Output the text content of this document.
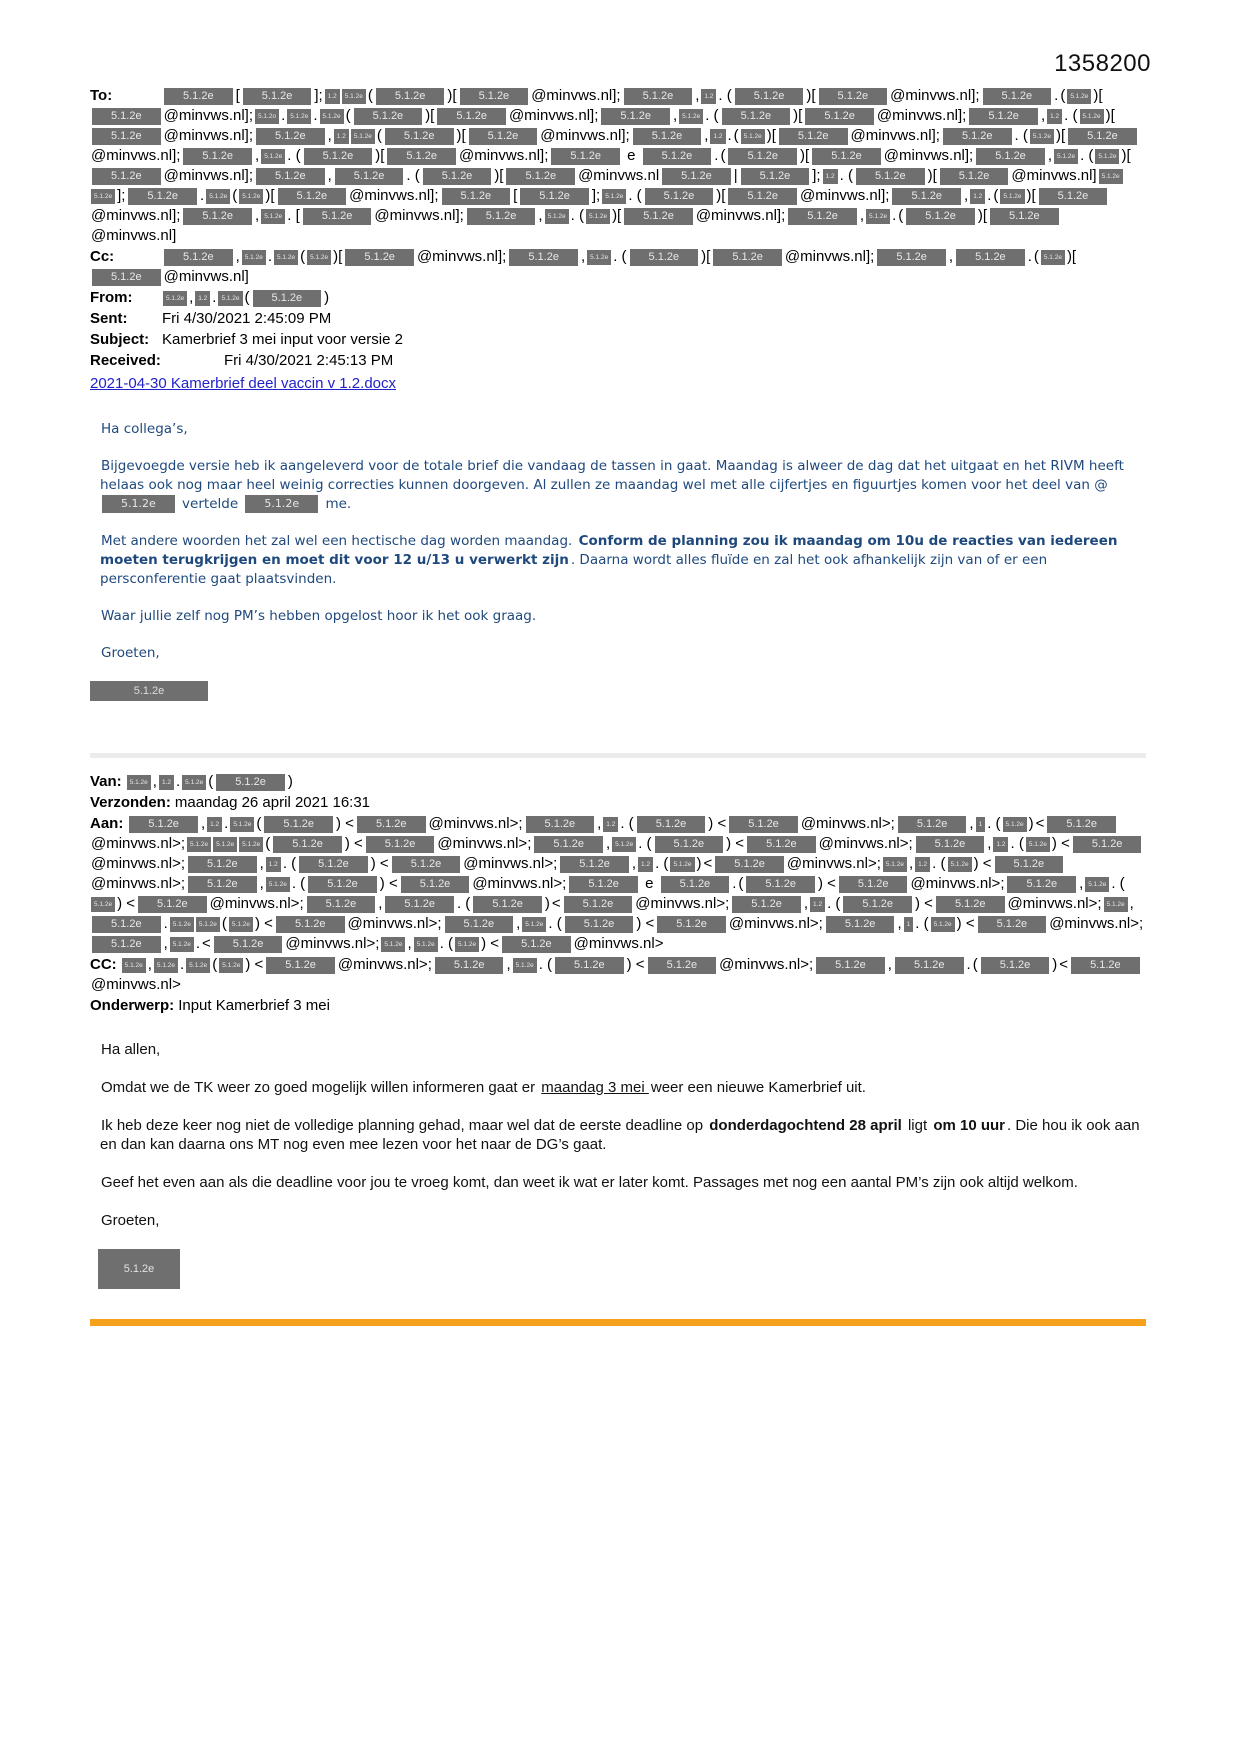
1358200
To:	5.1.2e [ 5.1.2e ]; 1.2 5.1.2e ( 5.1.2e )[ 5.1.2e @minvws.nl]; 5.1.2e , 1.2 . ( 5.1.2e )[ 5.1.2e @minvws.nl]; 5.1.2e . ( 5.1.2e )[5.1.2e @minvws.nl]; 5.1.2o . 5.1.2e . 5.1.2e ( 5.1.2e )[ 5.1.2e @minvws.nl]; 5.1.2e , 5.1.2e . ( 5.1.2e )[ 5.1.2e @minvws.nl]; 5.1.2e , 1.2 . ( 5.1.2e )[5.1.2e @minvws.nl]; 5.1.2e , 1.2 5.1.2e ( 5.1.2e )[ 5.1.2e @minvws.nl]; 5.1.2e , 1.2 . ( 5.1.2e )[ 5.1.2e @minvws.nl]; 5.1.2e . ( 5.1.2e )[ 5.1.2e@minvws.nl]; 5.1.2e , 5.1.2e . ( 5.1.2e )[ 5.1.2e @minvws.nl]; 5.1.2e e 5.1.2e . ( 5.1.2e )[ 5.1.2e @minvws.nl]; 5.1.2e , 5.1.2e . ( 5.1.2e )[5.1.2e @minvws.nl]; 5.1.2e , 5.1.2e . ( 5.1.2e )[ 5.1.2e @minvws.nl 5.1.2e | 5.1.2e ]; 1.2 . ( 5.1.2e )[ 5.1.2e @minvws.nl] 5.1.2e5.1.2e ]; 5.1.2e . 5.1.2e ( 5.1.2e )[ 5.1.2e @minvws.nl]; 5.1.2e [ 5.1.2e ]; 5.1.2e . ( 5.1.2e )[ 5.1.2e @minvws.nl]; 5.1.2e , 1.2 . ( 5.1.2e )[ 5.1.2e@minvws.nl]; 5.1.2e , 5.1.2e . [ 5.1.2e @minvws.nl]; 5.1.2e , 5.1.2e . ( 5.1.2e )[ 5.1.2e @minvws.nl]; 5.1.2e , 5.1.2e . ( 5.1.2e )[ 5.1.2e@minvws.nl]
Cc:	5.1.2e , 5.1.2e . 5.1.2e ( 5.1.2e )[ 5.1.2e @minvws.nl]; 5.1.2e , 5.1.2e . ( 5.1.2e )[ 5.1.2e @minvws.nl]; 5.1.2e , 5.1.2e . ( 5.1.2e )[5.1.2e @minvws.nl]
From:	5.1.2e , 1.2 . 5.1.2e ( 5.1.2e )
Sent: Fri 4/30/2021 2:45:09 PM
Subject: Kamerbrief 3 mei input voor versie 2
Received:	Fri 4/30/2021 2:45:13 PM
2021-04-30 Kamerbrief deel vaccin v 1.2.docx

Ha collega’s,

Bijgevoegde versie heb ik aangeleverd voor de totale brief die vandaag de tassen in gaat. Maandag is alweer de dag dat het uitgaat en het RIVM heeft helaas ook nog maar heel weinig correcties kunnen doorgeven. Al zullen ze maandag wel met alle cijfertjes en figuurtjes komen voor het deel van @5.1.2e vertelde 5.1.2e me.

Met andere woorden het zal wel een hectische dag worden maandag. Conform de planning zou ik maandag om 10u de reacties van iedereen moeten terugkrijgen en moet dit voor 12 u/13 u verwerkt zijn . Daarna wordt alles fluïde en zal het ook afhankelijk zijn van of er een persconferentie gaat plaatsvinden.

Waar jullie zelf nog PM’s hebben opgelost hoor ik het ook graag.

Groeten,

5.1.2e
Van: 5.1.2e , 1.2 . 5.1.2e ( 5.1.2e )
Verzonden: maandag 26 april 2021 16:31
Aan: 5.1.2e , 1.2 . 5.1.2e ( 5.1.2e ) < 5.1.2e @minvws.nl>; 5.1.2e , 1.2 . ( 5.1.2e ) < 5.1.2e @minvws.nl>; 5.1.2e , 1 . ( 5.1.2e ) < 5.1.2e@minvws.nl>; 5.1.2e 5.1.2e 5.1.2e ( 5.1.2e ) < 5.1.2e @minvws.nl>; 5.1.2e , 5.1.2e . ( 5.1.2e ) < 5.1.2e @minvws.nl>; 5.1.2e , 1.2 . ( 5.1.2e ) < 5.1.2e@minvws.nl>; 5.1.2e , 1.2 . ( 5.1.2e ) < 5.1.2e @minvws.nl>; 5.1.2e , 1.2 . ( 5.1.2e ) < 5.1.2e @minvws.nl>; 5.1.2e , 1.2 . ( 5.1.2e ) < 5.1.2e@minvws.nl>; 5.1.2e , 5.1.2e . ( 5.1.2e ) < 5.1.2e @minvws.nl>; 5.1.2e e 5.1.2e . ( 5.1.2e ) < 5.1.2e @minvws.nl>; 5.1.2e , 5.1.2e . (5.1.2e ) < 5.1.2e @minvws.nl>; 5.1.2e , 5.1.2e . ( 5.1.2e ) < 5.1.2e @minvws.nl>; 5.1.2e , 1.2 . ( 5.1.2e ) < 5.1.2e @minvws.nl>; 5.1.2e ,5.1.2e . 5.1.2e 5.1.2e ( 5.1.2e ) < 5.1.2e @minvws.nl>; 5.1.2e , 5.1.2e . ( 5.1.2e ) < 5.1.2e @minvws.nl>; 5.1.2e , 1 . ( 5.1.2e ) < 5.1.2e @minvws.nl>;5.1.2e , 5.1.2e . < 5.1.2e @minvws.nl>; 5.1.2e , 5.1.2e . ( 5.1.2e ) < 5.1.2e @minvws.nl>
CC: 5.1.2e , 5.1.2e . 5.1.2e ( 5.1.2e ) < 5.1.2e @minvws.nl>; 5.1.2e , 5.1.2e . ( 5.1.2e ) < 5.1.2e @minvws.nl>; 5.1.2e , 5.1.2e . ( 5.1.2e ) < 5.1.2e@minvws.nl>
Onderwerp: Input Kamerbrief 3 mei

Ha allen,

Omdat we de TK weer zo goed mogelijk willen informeren gaat er maandag 3 mei weer een nieuwe Kamerbrief uit.

Ik heb deze keer nog niet de volledige planning gehad, maar wel dat de eerste deadline op donderdagochtend 28 april ligt om 10 uur . Die hou ik ook aan en dan kan daarna ons MT nog even mee lezen voor het naar de DG’s gaat.

Geef het even aan als die deadline voor jou te vroeg komt, dan weet ik wat er later komt. Passages met nog een aantal PM’s zijn ook altijd welkom.

Groeten,

5.1.2e
